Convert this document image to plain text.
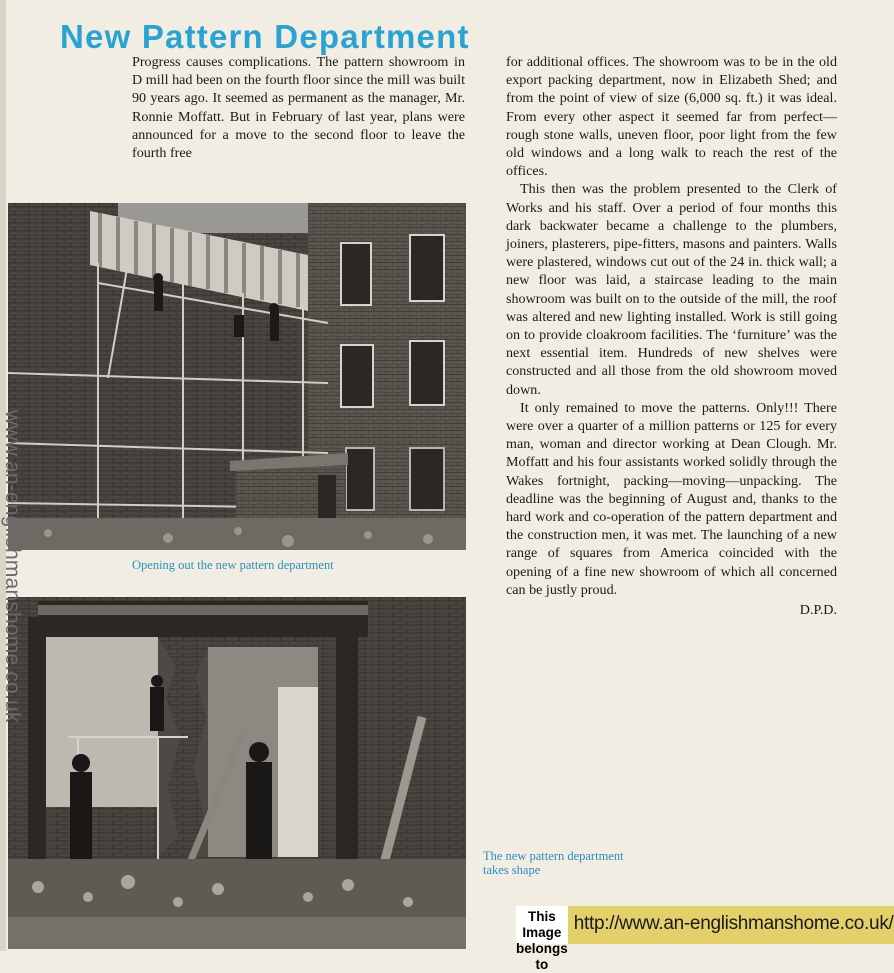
New Pattern Department

Progress causes complications. The pattern showroom in D mill had been on the fourth floor since the mill was built 90 years ago. It seemed as permanent as the manager, Mr. Ronnie Moffatt. But in February of last year, plans were announced for a move to the second floor to leave the fourth free

for additional offices. The showroom was to be in the old export packing department, now in Elizabeth Shed; and from the point of view of size (6,000 sq. ft.) it was ideal. From every other aspect it seemed far from perfect—rough stone walls, uneven floor, poor light from the few old windows and a long walk to reach the rest of the offices.

This then was the problem presented to the Clerk of Works and his staff. Over a period of four months this dark backwater became a challenge to the plumbers, joiners, plasterers, pipe-fitters, masons and painters. Walls were plastered, windows cut out of the 24 in. thick wall; a new floor was laid, a staircase leading to the main showroom was built on to the outside of the mill, the roof was altered and new lighting installed. Work is still going on to provide cloakroom facilities. The ‘furniture’ was the next essential item. Hundreds of new shelves were constructed and all those from the old showroom moved down.

It only remained to move the patterns. Only!!! There were over a quarter of a million patterns or 125 for every man, woman and director working at Dean Clough. Mr. Moffatt and his four assistants worked solidly through the Wakes fortnight, packing—moving—unpacking. The deadline was the beginning of August and, thanks to the hard work and co-operation of the pattern department and the construction men, it was met. The launching of a new range of squares from America coincided with the opening of a fine new showroom of which all concerned can be justly proud.

D.P.D.
Opening out the new pattern department
The new pattern department takes shape
www.an-englishmanshome.co.uk
This Image belongs to
http://www.an-englishmanshome.co.uk/
